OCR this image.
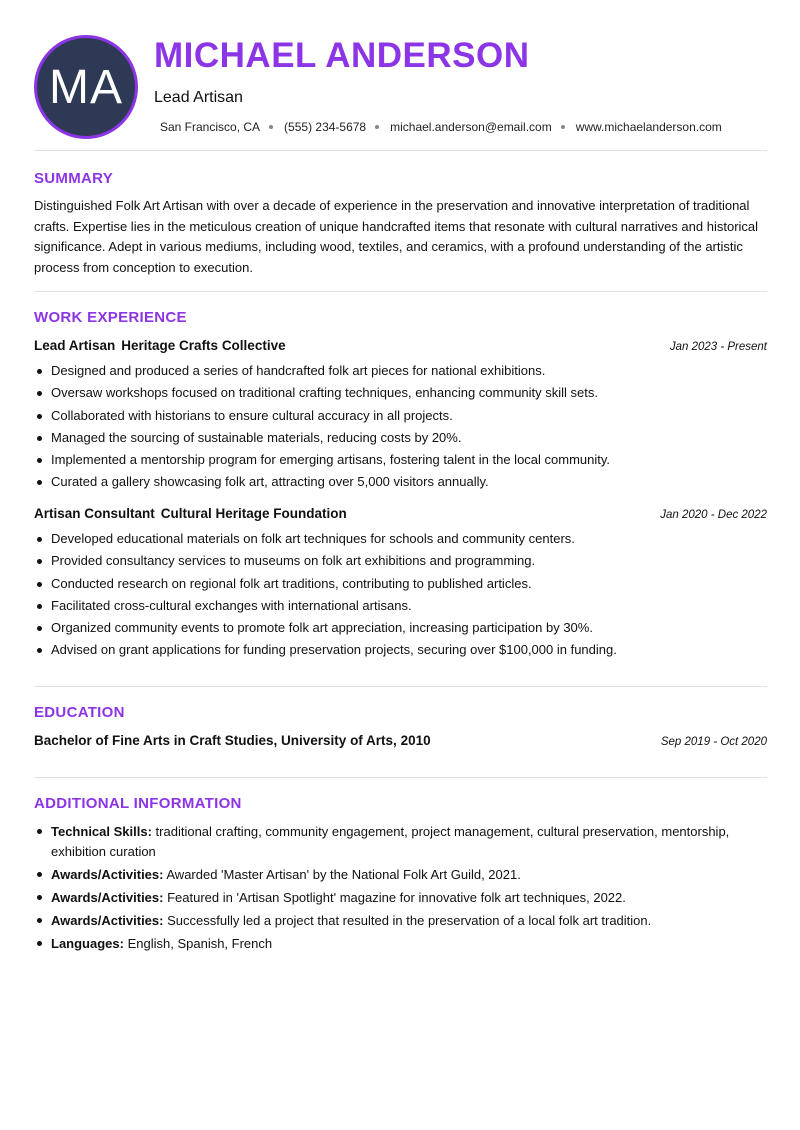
MA
MICHAEL ANDERSON
Lead Artisan
San Francisco, CA (555) 234-5678 michael.anderson@email.com www.michaelanderson.com
SUMMARY

Distinguished Folk Art Artisan with over a decade of experience in the preservation and innovative interpretation of traditional crafts. Expertise lies in the meticulous creation of unique handcrafted items that resonate with cultural narratives and historical significance. Adept in various mediums, including wood, textiles, and ceramics, with a profound understanding of the artistic process from conception to execution.

WORK EXPERIENCE
Lead Artisan Heritage Crafts Collective	Jan 2023 - Present
Designed and produced a series of handcrafted folk art pieces for national exhibitions.
Oversaw workshops focused on traditional crafting techniques, enhancing community skill sets.
Collaborated with historians to ensure cultural accuracy in all projects.
Managed the sourcing of sustainable materials, reducing costs by 20%.
Implemented a mentorship program for emerging artisans, fostering talent in the local community.
Curated a gallery showcasing folk art, attracting over 5,000 visitors annually.
Artisan Consultant Cultural Heritage Foundation	Jan 2020 - Dec 2022
Developed educational materials on folk art techniques for schools and community centers.
Provided consultancy services to museums on folk art exhibitions and programming.
Conducted research on regional folk art traditions, contributing to published articles.
Facilitated cross-cultural exchanges with international artisans.
Organized community events to promote folk art appreciation, increasing participation by 30%.
Advised on grant applications for funding preservation projects, securing over $100,000 in funding.
EDUCATION
Bachelor of Fine Arts in Craft Studies, University of Arts, 2010	Sep 2019 - Oct 2020
ADDITIONAL INFORMATION
Technical Skills: traditional crafting, community engagement, project management, cultural preservation, mentorship, exhibition curation
Awards/Activities: Awarded 'Master Artisan' by the National Folk Art Guild, 2021.
Awards/Activities: Featured in 'Artisan Spotlight' magazine for innovative folk art techniques, 2022.
Awards/Activities: Successfully led a project that resulted in the preservation of a local folk art tradition.
Languages: English, Spanish, French
